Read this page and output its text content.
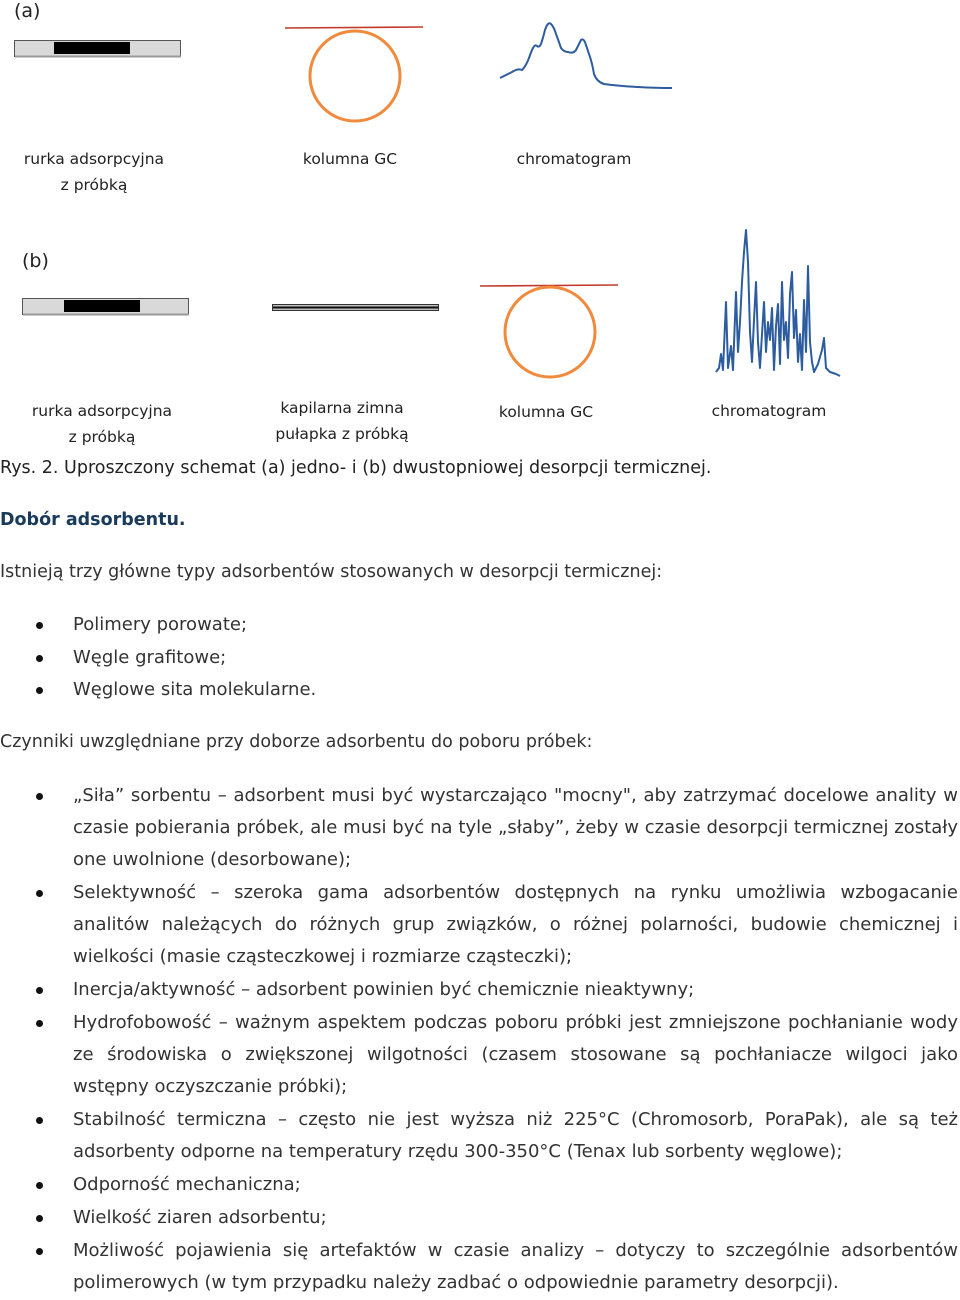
(a)
rurka adsorpcyjna
z próbką
kolumna GC	chromatogram
(b)
rurka adsorpcyjna
z próbką
kapilarna zimna
pułapka z próbką
kolumna GC	chromatogram
Rys. 2. Uproszczony schemat (a) jedno- i (b) dwustopniowej desorpcji termicznej.
Dobór adsorbentu.
Istnieją trzy główne typy adsorbentów stosowanych w desorpcji termicznej:
Polimery porowate;
Węgle grafitowe;
Węglowe sita molekularne.
Czynniki uwzględniane przy doborze adsorbentu do poboru próbek:
„Siła” sorbentu – adsorbent musi być wystarczająco "mocny", aby zatrzymać docelowe anality w czasie pobierania próbek, ale musi być na tyle „słaby”, żeby w czasie desorpcji termicznej zostały one uwolnione (desorbowane);
Selektywność – szeroka gama adsorbentów dostępnych na rynku umożliwia wzbogacanie analitów należących do różnych grup związków, o różnej polarności, budowie chemicznej i wielkości (masie cząsteczkowej i rozmiarze cząsteczki);
Inercja/aktywność – adsorbent powinien być chemicznie nieaktywny;
Hydrofobowość – ważnym aspektem podczas poboru próbki jest zmniejszone pochłanianie wody ze środowiska o zwiększonej wilgotności (czasem stosowane są pochłaniacze wilgoci jako wstępny oczyszczanie próbki);
Stabilność termiczna – często nie jest wyższa niż 225°C (Chromosorb, PoraPak), ale są też adsorbenty odporne na temperatury rzędu 300-350°C (Tenax lub sorbenty węglowe);
Odporność mechaniczna;
Wielkość ziaren adsorbentu;
Możliwość pojawienia się artefaktów w czasie analizy – dotyczy to szczególnie adsorbentów polimerowych (w tym przypadku należy zadbać o odpowiednie parametry desorpcji).
